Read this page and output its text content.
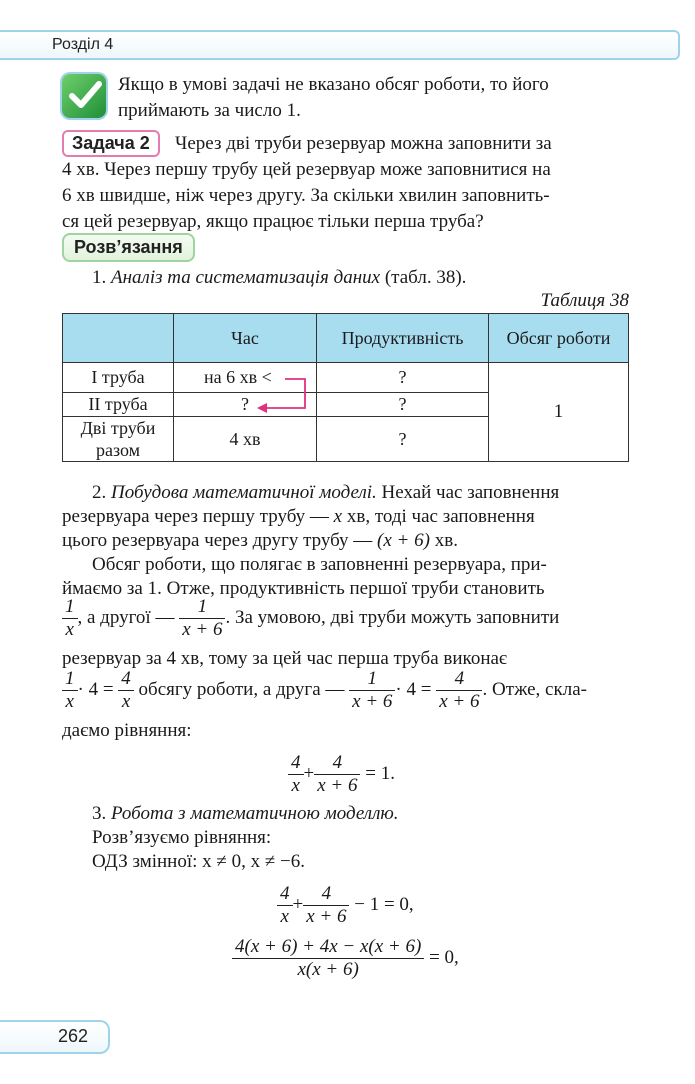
Розділ 4
Якщо в умові задачі не вказано обсяг роботи, то його
приймають за число 1.
Задача 2	Через дві труби резервуар можна заповнити за
4 хв. Через першу трубу цей резервуар може заповнитися на
6 хв швидше, ніж через другу. За скільки хвилин заповнить-
ся цей резервуар, якщо працює тільки перша труба?
Розв’язання
1. Аналіз та систематизація даних (табл. 38).
Таблиця 38
	Час	Продуктивність	Обсяг роботи
І труба	на 6 хв <	?	1
ІІ труба	?	?	
Дві труби разом	4 хв	?	
2. Побудова математичної моделі. Нехай час заповнення
резервуара через першу трубу — x хв, тоді час заповнення
цього резервуара через другу трубу — (x + 6) хв.
Обсяг роботи, що полягає в заповненні резервуара, при-
ймаємо за 1. Отже, продуктивність першої труби становить
$\frac{1}{x}$ , а другої — $\frac{1}{x + 6}$ . За умовою, дві труби можуть заповнити
резервуар за 4 хв, тому за цей час перша труба виконає
$\frac{1}{x} \cdot 4 = \frac{4}{x}$ обсягу роботи, а друга — $\frac{1}{x + 6} \cdot 4 = \frac{4}{x + 6}$ . Отже, скла-
даємо рівняння:
$\frac{4}{x} + \frac{4}{x + 6} = 1$.
3. Робота з математичною моделлю.
Розв’язуємо рівняння:
ОДЗ змінної: x ≠ 0, x ≠ −6.
$\frac{4}{x} + \frac{4}{x + 6} - 1 = 0$,
$\frac{4(x + 6) + 4x - x(x + 6)}{x(x + 6)} = 0$,
262
